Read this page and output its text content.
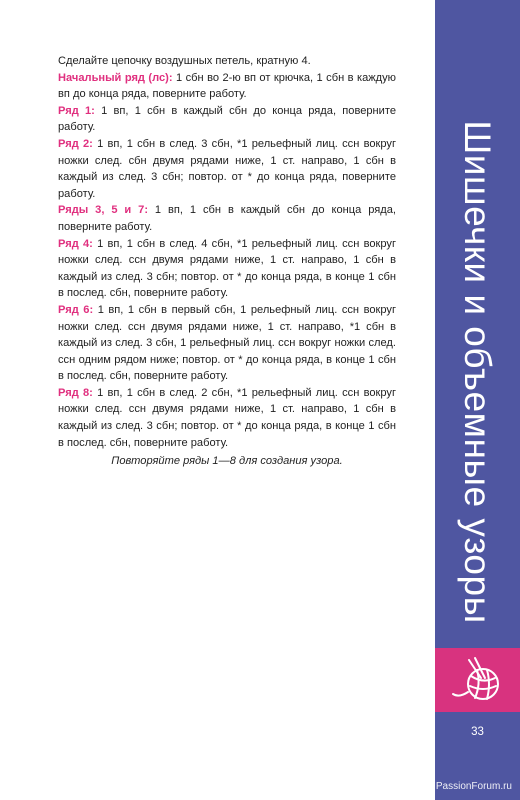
Сделайте цепочку воздушных петель, кратную 4.

Начальный ряд (лс): 1 сбн во 2-ю вп от крючка, 1 сбн в каждую вп до конца ряда, поверните работу.

Ряд 1: 1 вп, 1 сбн в каждый сбн до конца ряда, поверните работу.

Ряд 2: 1 вп, 1 сбн в след. 3 сбн, *1 рельефный лиц. ссн вокруг ножки след. сбн двумя рядами ниже, 1 ст. направо, 1 сбн в каждый из след. 3 сбн; повтор. от * до конца ряда, поверните работу.

Ряды 3, 5 и 7: 1 вп, 1 сбн в каждый сбн до конца ряда, поверните работу.

Ряд 4: 1 вп, 1 сбн в след. 4 сбн, *1 рельефный лиц. ссн вокруг ножки след. ссн двумя рядами ниже, 1 ст. направо, 1 сбн в каждый из след. 3 сбн; повтор. от * до конца ряда, в конце 1 сбн в послед. сбн, поверните работу.

Ряд 6: 1 вп, 1 сбн в первый сбн, 1 рельефный лиц. ссн вокруг ножки след. ссн двумя рядами ниже, 1 ст. направо, *1 сбн в каждый из след. 3 сбн, 1 рельефный лиц. ссн вокруг ножки след. ссн одним рядом ниже; повтор. от * до конца ряда, в конце 1 сбн в послед. сбн, поверните работу.

Ряд 8: 1 вп, 1 сбн в след. 2 сбн, *1 рельефный лиц. ссн вокруг ножки след. ссн двумя рядами ниже, 1 ст. направо, 1 сбн в каждый из след. 3 сбн; повтор. от * до конца ряда, в конце 1 сбн в послед. сбн, поверните работу.

Повторяйте ряды 1—8 для создания узора.	Шишечки и объемные узоры
33
PassionForum.ru
